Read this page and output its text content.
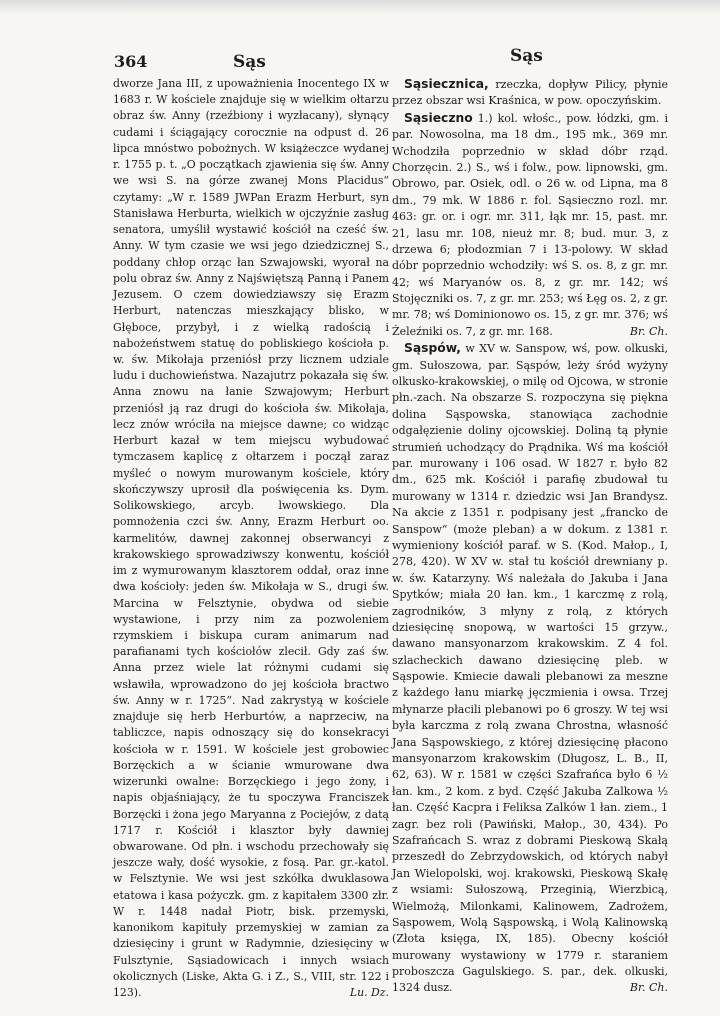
364	Sąs	Sąs

dworze Jana III, z upoważnienia Inocentego IX w 1683 r. W kościele znajduje się w wielkim ołtarzu obraz św. Anny (rzeźbiony i wyzłacany), słynący cudami i ściągający corocznie na odpust d. 26 lipca mnóstwo pobożnych. W książeczce wydanej r. 1755 p. t. „O początkach zjawienia się św. Anny we wsi S. na górze zwanej Mons Placidus“ czytamy: „W r. 1589 JWPan Erazm Herburt, syn Stanisława Herburta, wielkich w ojczyźnie zasług senatora, umyślił wystawić kościół na cześć św. Anny. W tym czasie we wsi jego dziedzicznej S., poddany chłop orząc łan Szwajowski, wyorał na polu obraz św. Anny z Najświętszą Panną i Panem Jezusem. O czem dowiedziawszy się Erazm Herburt, natenczas mieszkający blisko, w Głęboce, przybył, i z wielką radością i nabożeństwem statuę do pobliskiego kościoła p. w. św. Mikołaja przeniósł przy licznem udziale ludu i duchowieństwa. Nazajutrz pokazała się św. Anna znowu na łanie Szwajowym; Herburt przeniósł ją raz drugi do kościoła św. Mikołaja, lecz znów wróciła na miejsce dawne; co widząc Herburt kazał w tem miejscu wybudować tymczasem kaplicę z ołtarzem i począł zaraz myśleć o nowym murowanym kościele, który skończywszy uprosił dla poświęcenia ks. Dym. Solikowskiego, arcyb. lwowskiego. Dla pomnożenia czci św. Anny, Erazm Herburt oo. karmelitów, dawnej zakonnej obserwancyi z krakowskiego sprowadziwszy konwentu, kościół im z wymurowanym klasztorem oddał, oraz inne dwa kościoły: jeden św. Mikołaja w S., drugi św. Marcina w Felsztynie, obydwa od siebie wystawione, i przy nim za pozwoleniem rzymskiem i biskupa curam animarum nad parafianami tych kościołów zlecił. Gdy zaś św. Anna przez wiele lat różnymi cudami się wsławiła, wprowadzono do jej kościoła bractwo św. Anny w r. 1725“. Nad zakrystyą w kościele znajduje się herb Herburtów, a naprzeciw, na tabliczce, napis odnoszący się do konsekracyi kościoła w r. 1591. W kościele jest grobowiec Borzęckich a w ścianie wmurowane dwa wizerunki owalne: Borzęckiego i jego żony, i napis objaśniający, że tu spoczywa Franciszek Borzęcki i żona jego Maryanna z Pociejów, z datą 1717 r. Kościół i klasztor były dawniej obwarowane. Od płn. i wschodu przechowały się jeszcze wały, dość wysokie, z fosą. Par. gr.-katol. w Felsztynie. We wsi jest szkółka dwuklasowa etatowa i kasa pożyczk. gm. z kapitałem 3300 złr. W r. 1448 nadał Piotr, bisk. przemyski, kanonikom kapituły przemyskiej w zamian za dziesięciny i grunt w Radymnie, dziesięciny w Fulsztynie, Sąsiadowicach i innych wsiach okolicznych (Liske, Akta G. i Z., S., VIII, str. 122 i 123).	Lu. Dz.

Sąsiecznica, rzeczka, dopływ Pilicy, płynie przez obszar wsi Kraśnica, w pow. opoczyńskim.

Sąsieczno 1.) kol. włośc., pow. łódzki, gm. i par. Nowosolna, ma 18 dm., 195 mk., 369 mr. Wchodziła poprzednio w skład dóbr rząd. Chorzęcin. 2.) S., wś i folw., pow. lipnowski, gm. Obrowo, par. Osiek, odl. o 26 w. od Lipna, ma 8 dm., 79 mk. W 1886 r. fol. Sąsieczno rozl. mr. 463: gr. or. i ogr. mr. 311, łąk mr. 15, past. mr. 21, lasu mr. 108, nieuż mr. 8; bud. mur. 3, z drzewa 6; płodozmian 7 i 13-polowy. W skład dóbr poprzednio wchodziły: wś S. os. 8, z gr. mr. 42; wś Maryanów os. 8, z gr. mr. 142; wś Stojęczniki os. 7, z gr. mr. 253; wś Łęg os. 2, z gr. mr. 78; wś Dominionowo os. 15, z gr. mr. 376; wś Żeleźniki os. 7, z gr. mr. 168.	Br. Ch.

Sąspów, w XV w. Sanspow, wś, pow. olkuski, gm. Sułoszowa, par. Sąspów, leży śród wyżyny olkusko-krakowskiej, o milę od Ojcowa, w stronie płn.-zach. Na obszarze S. rozpoczyna się piękna dolina Sąspowska, stanowiąca zachodnie odgałęzienie doliny ojcowskiej. Doliną tą płynie strumień uchodzący do Prądnika. Wś ma kościół par. murowany i 106 osad. W 1827 r. było 82 dm., 625 mk. Kościół i parafię zbudował tu murowany w 1314 r. dziedzic wsi Jan Brandysz. Na akcie z 1351 r. podpisany jest „francko de Sanspow“ (może pleban) a w dokum. z 1381 r. wymieniony kościół paraf. w S. (Kod. Małop., I, 278, 420). W XV w. stał tu kościół drewniany p. w. św. Katarzyny. Wś należała do Jakuba i Jana Spytków; miała 20 łan. km., 1 karczmę z rolą, zagrodników, 3 młyny z rolą, z których dziesięcinę snopową, w wartości 15 grzyw., dawano mansyonarzom krakowskim. Z 4 fol. szlacheckich dawano dziesięcinę pleb. w Sąspowie. Kmiecie dawali plebanowi za meszne z każdego łanu miarkę jęczmienia i owsa. Trzej młynarze płacili plebanowi po 6 groszy. W tej wsi była karczma z rolą zwana Chrostna, własność Jana Sąspowskiego, z której dziesięcinę płacono mansyonarzom krakowskim (Długosz, L. B., II, 62, 63). W r. 1581 w części Szafrańca było 6 ½ łan. km., 2 kom. z byd. Część Jakuba Zalkowa ½ łan. Część Kacpra i Feliksa Zalków 1 łan. ziem., 1 zagr. bez roli (Pawiński, Małop., 30, 434). Po Szafrańcach S. wraz z dobrami Pieskową Skałą przeszedł do Zebrzydowskich, od których nabył Jan Wielopolski, woj. krakowski, Pieskową Skałę z wsiami: Sułoszową, Przeginią, Wierzbicą, Wielmożą, Milonkami, Kalinowem, Zadrożem, Sąspowem, Wolą Sąspowską, i Wolą Kalinowską (Złota księga, IX, 185). Obecny kościół murowany wystawiony w 1779 r. staraniem proboszcza Gagulskiego. S. par., dek. olkuski, 1324 dusz.	Br. Ch.
